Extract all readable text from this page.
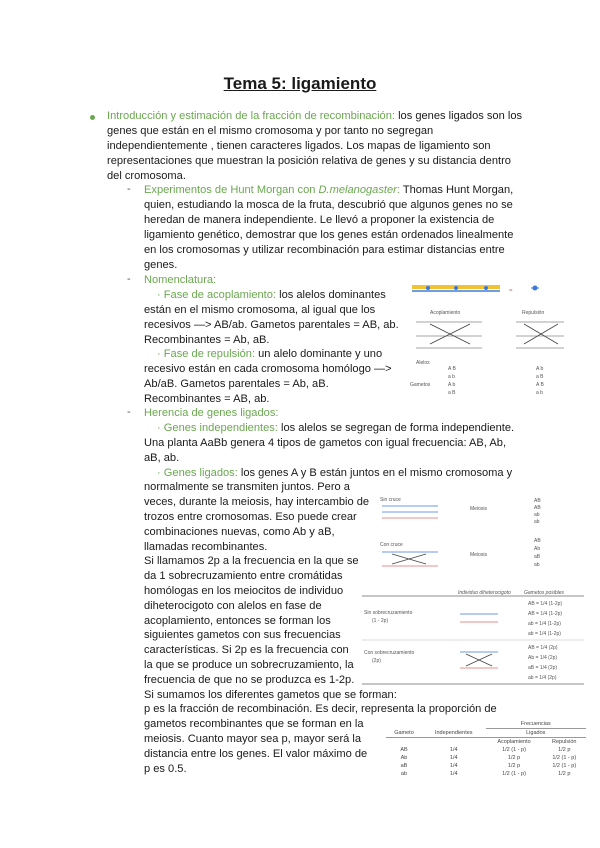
Tema 5: ligamiento
Introducción y estimación de la fracción de recombinación: los genes ligados son los
genes que están en el mismo cromosoma y por tanto no segregan
independientemente , tienen caracteres ligados. Los mapas de ligamiento son
representaciones que muestran la posición relativa de genes y su distancia dentro
del cromosoma.
- Experimentos de Hunt Morgan con D.melanogaster: Thomas Hunt Morgan,
quien, estudiando la mosca de la fruta, descubrió que algunos genes no se
heredan de manera independiente. Le llevó a proponer la existencia de
ligamiento genético, demostrar que los genes están ordenados linealmente
en los cromosomas y utilizar recombinación para estimar distancias entre
genes.
- Nomenclatura:
· Fase de acoplamiento: los alelos dominantes
están en el mismo cromosoma, al igual que los
recesivos —> AB/ab. Gametos parentales = AB, ab.
Recombinantes = Ab, aB.
· Fase de repulsión: un alelo dominante y uno
recesivo están en cada cromosoma homólogo —>
Ab/aB. Gametos parentales = Ab, aB.
Recombinantes = AB, ab.
=
Acoplamiento	Repulsión
Alelos
Gametos
A B
a b
A b
a B
A b
a B
A B
a b
- Herencia de genes ligados:
· Genes independientes: los alelos se segregan de forma independiente.
Una planta AaBb genera 4 tipos de gametos con igual frecuencia: AB, Ab,
aB, ab.
· Genes ligados: los genes A y B están juntos en el mismo cromosoma y
normalmente se transmiten juntos. Pero a
veces, durante la meiosis, hay intercambio de
trozos entre cromosomas. Eso puede crear
combinaciones nuevas, como Ab y aB,
llamadas recombinantes.
Si llamamos 2p a la frecuencia en la que se
da 1 sobrecruzamiento entre cromátidas
homólogas en los meiocitos de individuo
diheterocigoto con alelos en fase de
acoplamiento, entonces se forman los
siguientes gametos con sus frecuencias
características. Si 2p es la frecuencia con
la que se produce un sobrecruzamiento, la
frecuencia de que no se produzca es 1-2p.
Si sumamos los diferentes gametos que se forman:
p es la fracción de recombinación. Es decir, representa la proporción de
gametos recombinantes que se forman en la
meiosis. Cuanto mayor sea p, mayor será la
distancia entre los genes. El valor máximo de
p es 0.5.
Sin cruce
Meiosis
AB
AB
ab
ab
Con cruce
Meiosis
AB
Ab
aB
ab
Individuo diheterocigoto	Gametos posibles
Sin sobrecruzamiento
(1 - 2p)
AB = 1/4 (1-2p)
AB = 1/4 (1-2p)
ab = 1/4 (1-2p)
ab = 1/4 (1-2p)
Con sobrecruzamiento
(2p)
AB = 1/4 (2p)
Ab = 1/4 (2p)
aB = 1/4 (2p)
ab = 1/4 (2p)
		Frecuencias	
Gameto	Independientes	Ligados	
		Acoplamiento	Repulsión
AB	1/4	1/2 (1 - p)	1/2 p
Ab	1/4	1/2 p	1/2 (1 - p)
aB	1/4	1/2 p	1/2 (1 - p)
ab	1/4	1/2 (1 - p)	1/2 p
